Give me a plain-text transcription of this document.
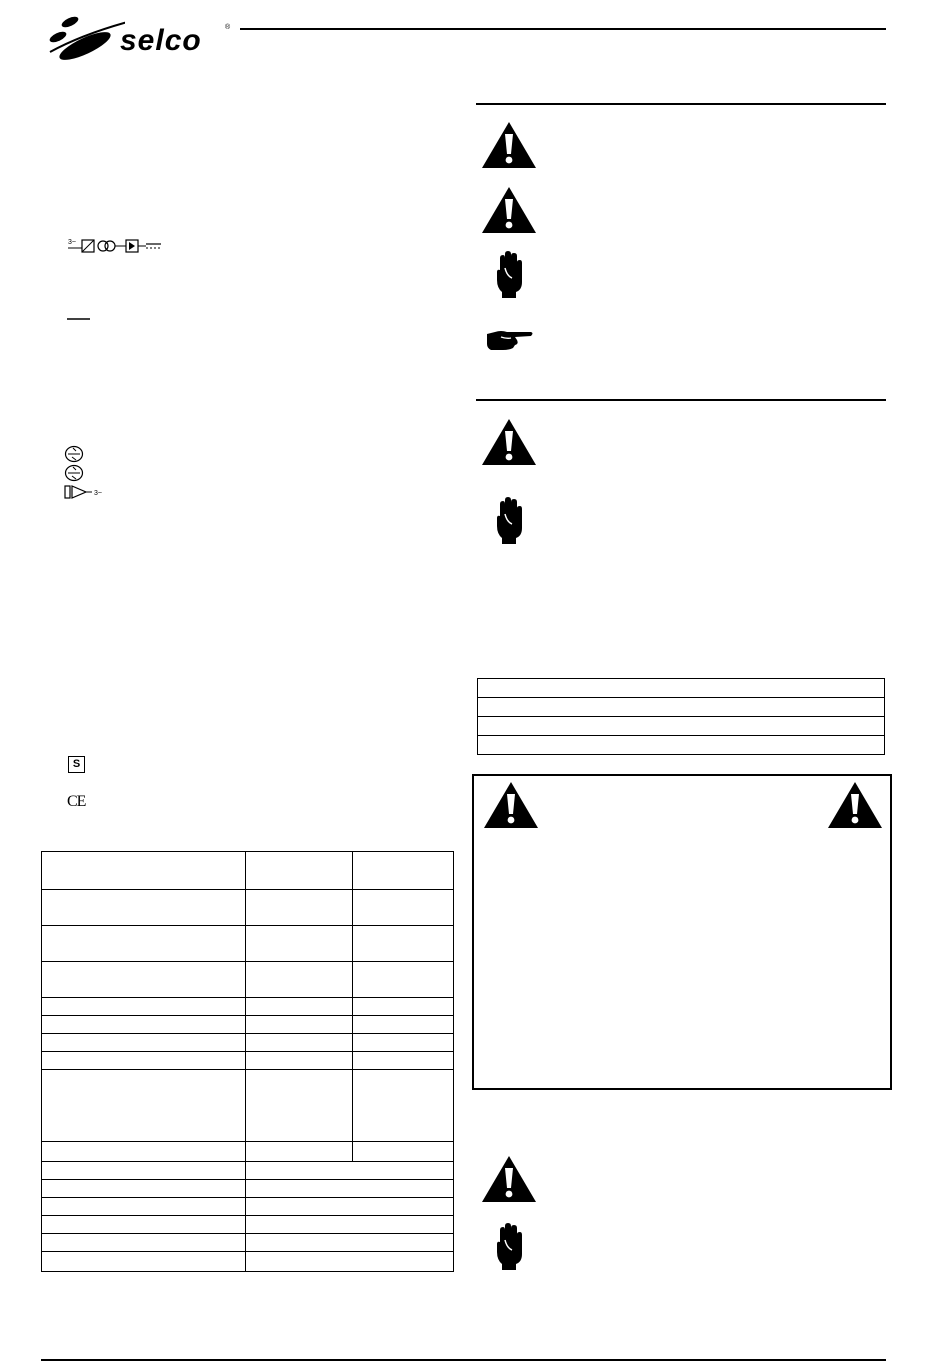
selco	®
3~
3~
S
CE
